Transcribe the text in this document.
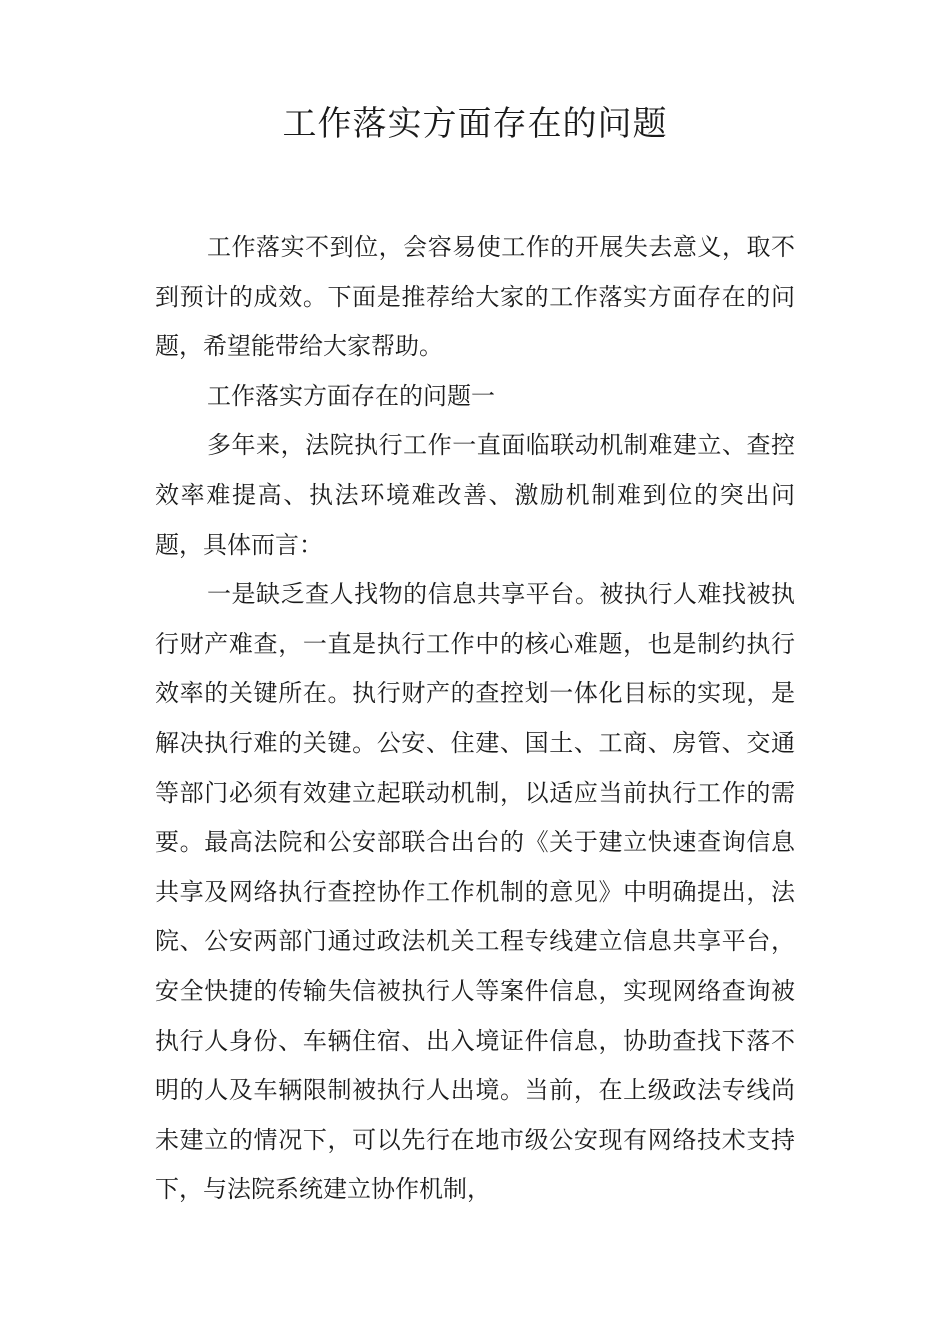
工作落实方面存在的问题

工作落实不到位，会容易使工作的开展失去意义，取不到预计的成效。下面是推荐给大家的工作落实方面存在的问题，希望能带给大家帮助。

工作落实方面存在的问题一

多年来，法院执行工作一直面临联动机制难建立、查控效率难提高、执法环境难改善、激励机制难到位的突出问题，具体而言：

一是缺乏查人找物的信息共享平台。被执行人难找被执行财产难查，一直是执行工作中的核心难题，也是制约执行效率的关键所在。执行财产的查控划一体化目标的实现，是解决执行难的关键。公安、住建、国土、工商、房管、交通等部门必须有效建立起联动机制，以适应当前执行工作的需要。最高法院和公安部联合出台的《关于建立快速查询信息共享及网络执行查控协作工作机制的意见》中明确提出，法院、公安两部门通过政法机关工程专线建立信息共享平台，安全快捷的传输失信被执行人等案件信息，实现网络查询被执行人身份、车辆住宿、出入境证件信息，协助查找下落不明的人及车辆限制被执行人出境。当前，在上级政法专线尚未建立的情况下，可以先行在地市级公安现有网络技术支持下，与法院系统建立协作机制，
